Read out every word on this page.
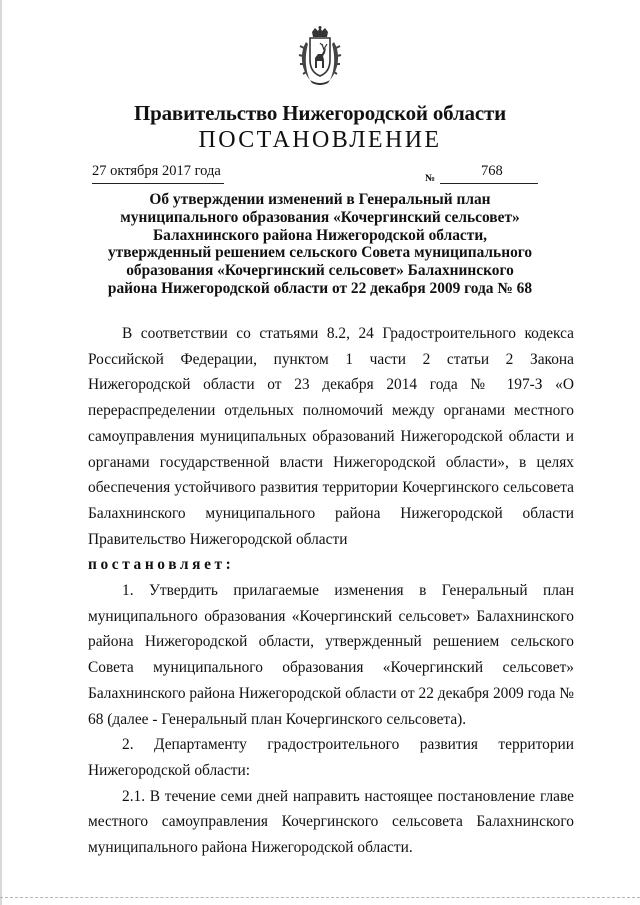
Правительство Нижегородской области
ПОСТАНОВЛЕНИЕ
27 октября 2017 года	№	768
Об утверждении изменений в Генеральный план муниципального образования «Кочергинский сельсовет» Балахнинского района Нижегородской области, утвержденный решением сельского Совета муниципального образования «Кочергинский сельсовет» Балахнинского района Нижегородской области от 22 декабря 2009 года № 68

В соответствии со статьями 8.2, 24 Градостроительного кодекса Российской Федерации, пунктом 1 части 2 статьи 2 Закона Нижегородской области от 23 декабря 2014 года № 197-З «О перераспределении отдельных полномочий между органами местного самоуправления муниципальных образований Нижегородской области и органами государственной власти Нижегородской области», в целях обеспечения устойчивого развития территории Кочергинского сельсовета Балахнинского муниципального района Нижегородской области Правительство Нижегородской области

постановляет:

1. Утвердить прилагаемые изменения в Генеральный план муниципального образования «Кочергинский сельсовет» Балахнинского района Нижегородской области, утвержденный решением сельского Совета муниципального образования «Кочергинский сельсовет» Балахнинского района Нижегородской области от 22 декабря 2009 года № 68 (далее - Генеральный план Кочергинского сельсовета).

2. Департаменту градостроительного развития территории Нижегородской области:

2.1. В течение семи дней направить настоящее постановление главе местного самоуправления Кочергинского сельсовета Балахнинского муниципального района Нижегородской области.
